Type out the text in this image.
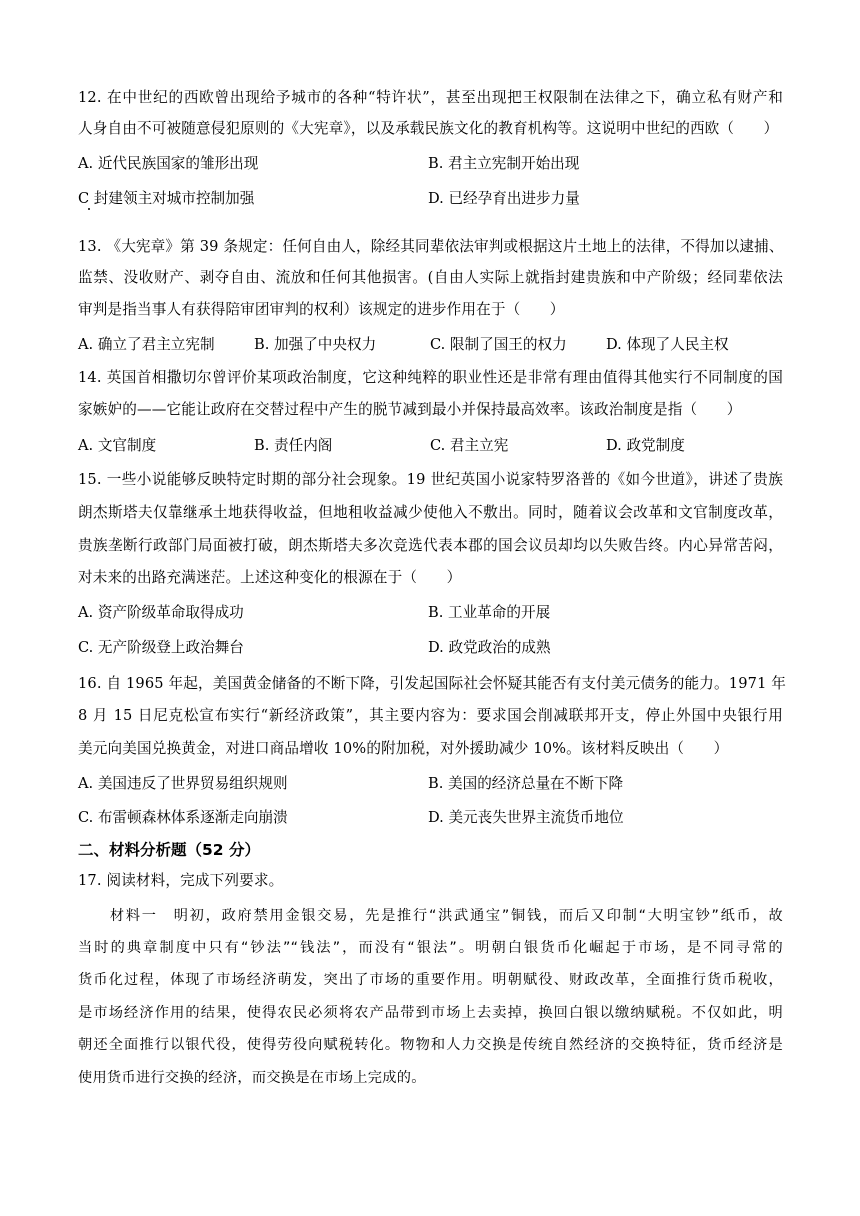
12. 在中世纪的西欧曾出现给予城市的各种“特许状”，甚至出现把王权限制在法律之下，确立私有财产和
人身自由不可被随意侵犯原则的《大宪章》，以及承载民族文化的教育机构等。这说明中世纪的西欧（　　）
A. 近代民族国家的雏形出现	B. 君主立宪制开始出现
C 封建领主对城市控制加强	D. 已经孕育出进步力量
13. 《大宪章》第 39 条规定：任何自由人，除经其同辈依法审判或根据这片土地上的法律，不得加以逮捕、
监禁、没收财产、剥夺自由、流放和任何其他损害。(自由人实际上就指封建贵族和中产阶级；经同辈依法
审判是指当事人有获得陪审团审判的权利）该规定的进步作用在于（　　）
A. 确立了君主立宪制	B. 加强了中央权力	C. 限制了国王的权力	D. 体现了人民主权
14. 英国首相撒切尔曾评价某项政治制度，它这种纯粹的职业性还是非常有理由值得其他实行不同制度的国
家嫉妒的——它能让政府在交替过程中产生的脱节减到最小并保持最高效率。该政治制度是指（　　）
A. 文官制度	B. 责任内阁	C. 君主立宪	D. 政党制度
15. 一些小说能够反映特定时期的部分社会现象。19 世纪英国小说家特罗洛普的《如今世道》，讲述了贵族
朗杰斯塔夫仅靠继承土地获得收益，但地租收益减少使他入不敷出。同时，随着议会改革和文官制度改革，
贵族垄断行政部门局面被打破，朗杰斯塔夫多次竞选代表本郡的国会议员却均以失败告终。内心异常苦闷，
对未来的出路充满迷茫。上述这种变化的根源在于（　　）
A. 资产阶级革命取得成功	B. 工业革命的开展
C. 无产阶级登上政治舞台	D. 政党政治的成熟
16. 自 1965 年起，美国黄金储备的不断下降，引发起国际社会怀疑其能否有支付美元债务的能力。1971 年
8 月 15 日尼克松宣布实行“新经济政策”，其主要内容为：要求国会削减联邦开支，停止外国中央银行用
美元向美国兑换黄金，对进口商品增收 10%的附加税，对外援助减少 10%。该材料反映出（　　）
A. 美国违反了世界贸易组织规则	B. 美国的经济总量在不断下降
C. 布雷顿森林体系逐渐走向崩溃	D. 美元丧失世界主流货币地位
二、材料分析题（52 分）
17. 阅读材料，完成下列要求。
　　材料一　明初，政府禁用金银交易，先是推行“洪武通宝”铜钱，而后又印制“大明宝钞”纸币，故
当时的典章制度中只有“钞法”“钱法”，而没有“银法”。明朝白银货币化崛起于市场，是不同寻常的
货币化过程，体现了市场经济萌发，突出了市场的重要作用。明朝赋役、财政改革，全面推行货币税收，
是市场经济作用的结果，使得农民必须将农产品带到市场上去卖掉，换回白银以缴纳赋税。不仅如此，明
朝还全面推行以银代役，使得劳役向赋税转化。物物和人力交换是传统自然经济的交换特征，货币经济是
使用货币进行交换的经济，而交换是在市场上完成的。
